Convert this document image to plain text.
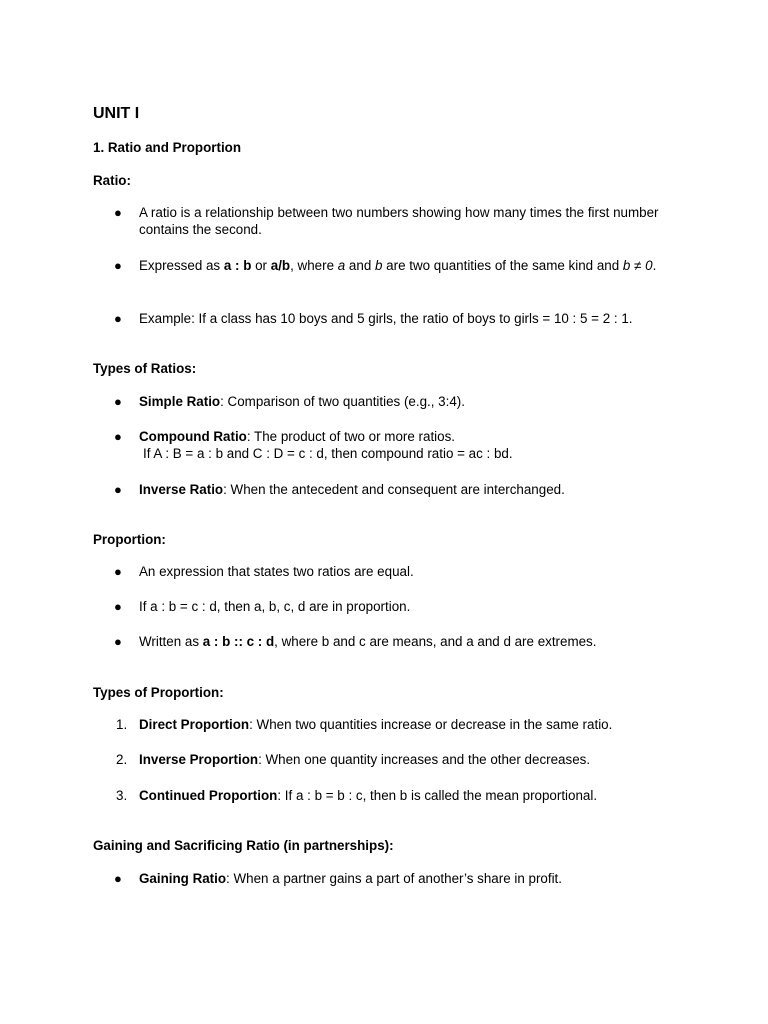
UNIT I
1. Ratio and Proportion
Ratio:
● A ratio is a relationship between two numbers showing how many times the first number contains the second.

● Expressed as a : b or a/b, where a and b are two quantities of the same kind and b ≠ 0.

● Example: If a class has 10 boys and 5 girls, the ratio of boys to girls = 10 : 5 = 2 : 1.

Types of Ratios:
● Simple Ratio: Comparison of two quantities (e.g., 3:4).

● Compound Ratio: The product of two or more ratios.
If A : B = a : b and C : D = c : d, then compound ratio = ac : bd.

● Inverse Ratio: When the antecedent and consequent are interchanged.

Proportion:
● An expression that states two ratios are equal.

● If a : b = c : d, then a, b, c, d are in proportion.

● Written as a : b :: c : d, where b and c are means, and a and d are extremes.

Types of Proportion:
1. Direct Proportion: When two quantities increase or decrease in the same ratio.

2. Inverse Proportion: When one quantity increases and the other decreases.

3. Continued Proportion: If a : b = b : c, then b is called the mean proportional.

Gaining and Sacrificing Ratio (in partnerships):
● Gaining Ratio: When a partner gains a part of another’s share in profit.
